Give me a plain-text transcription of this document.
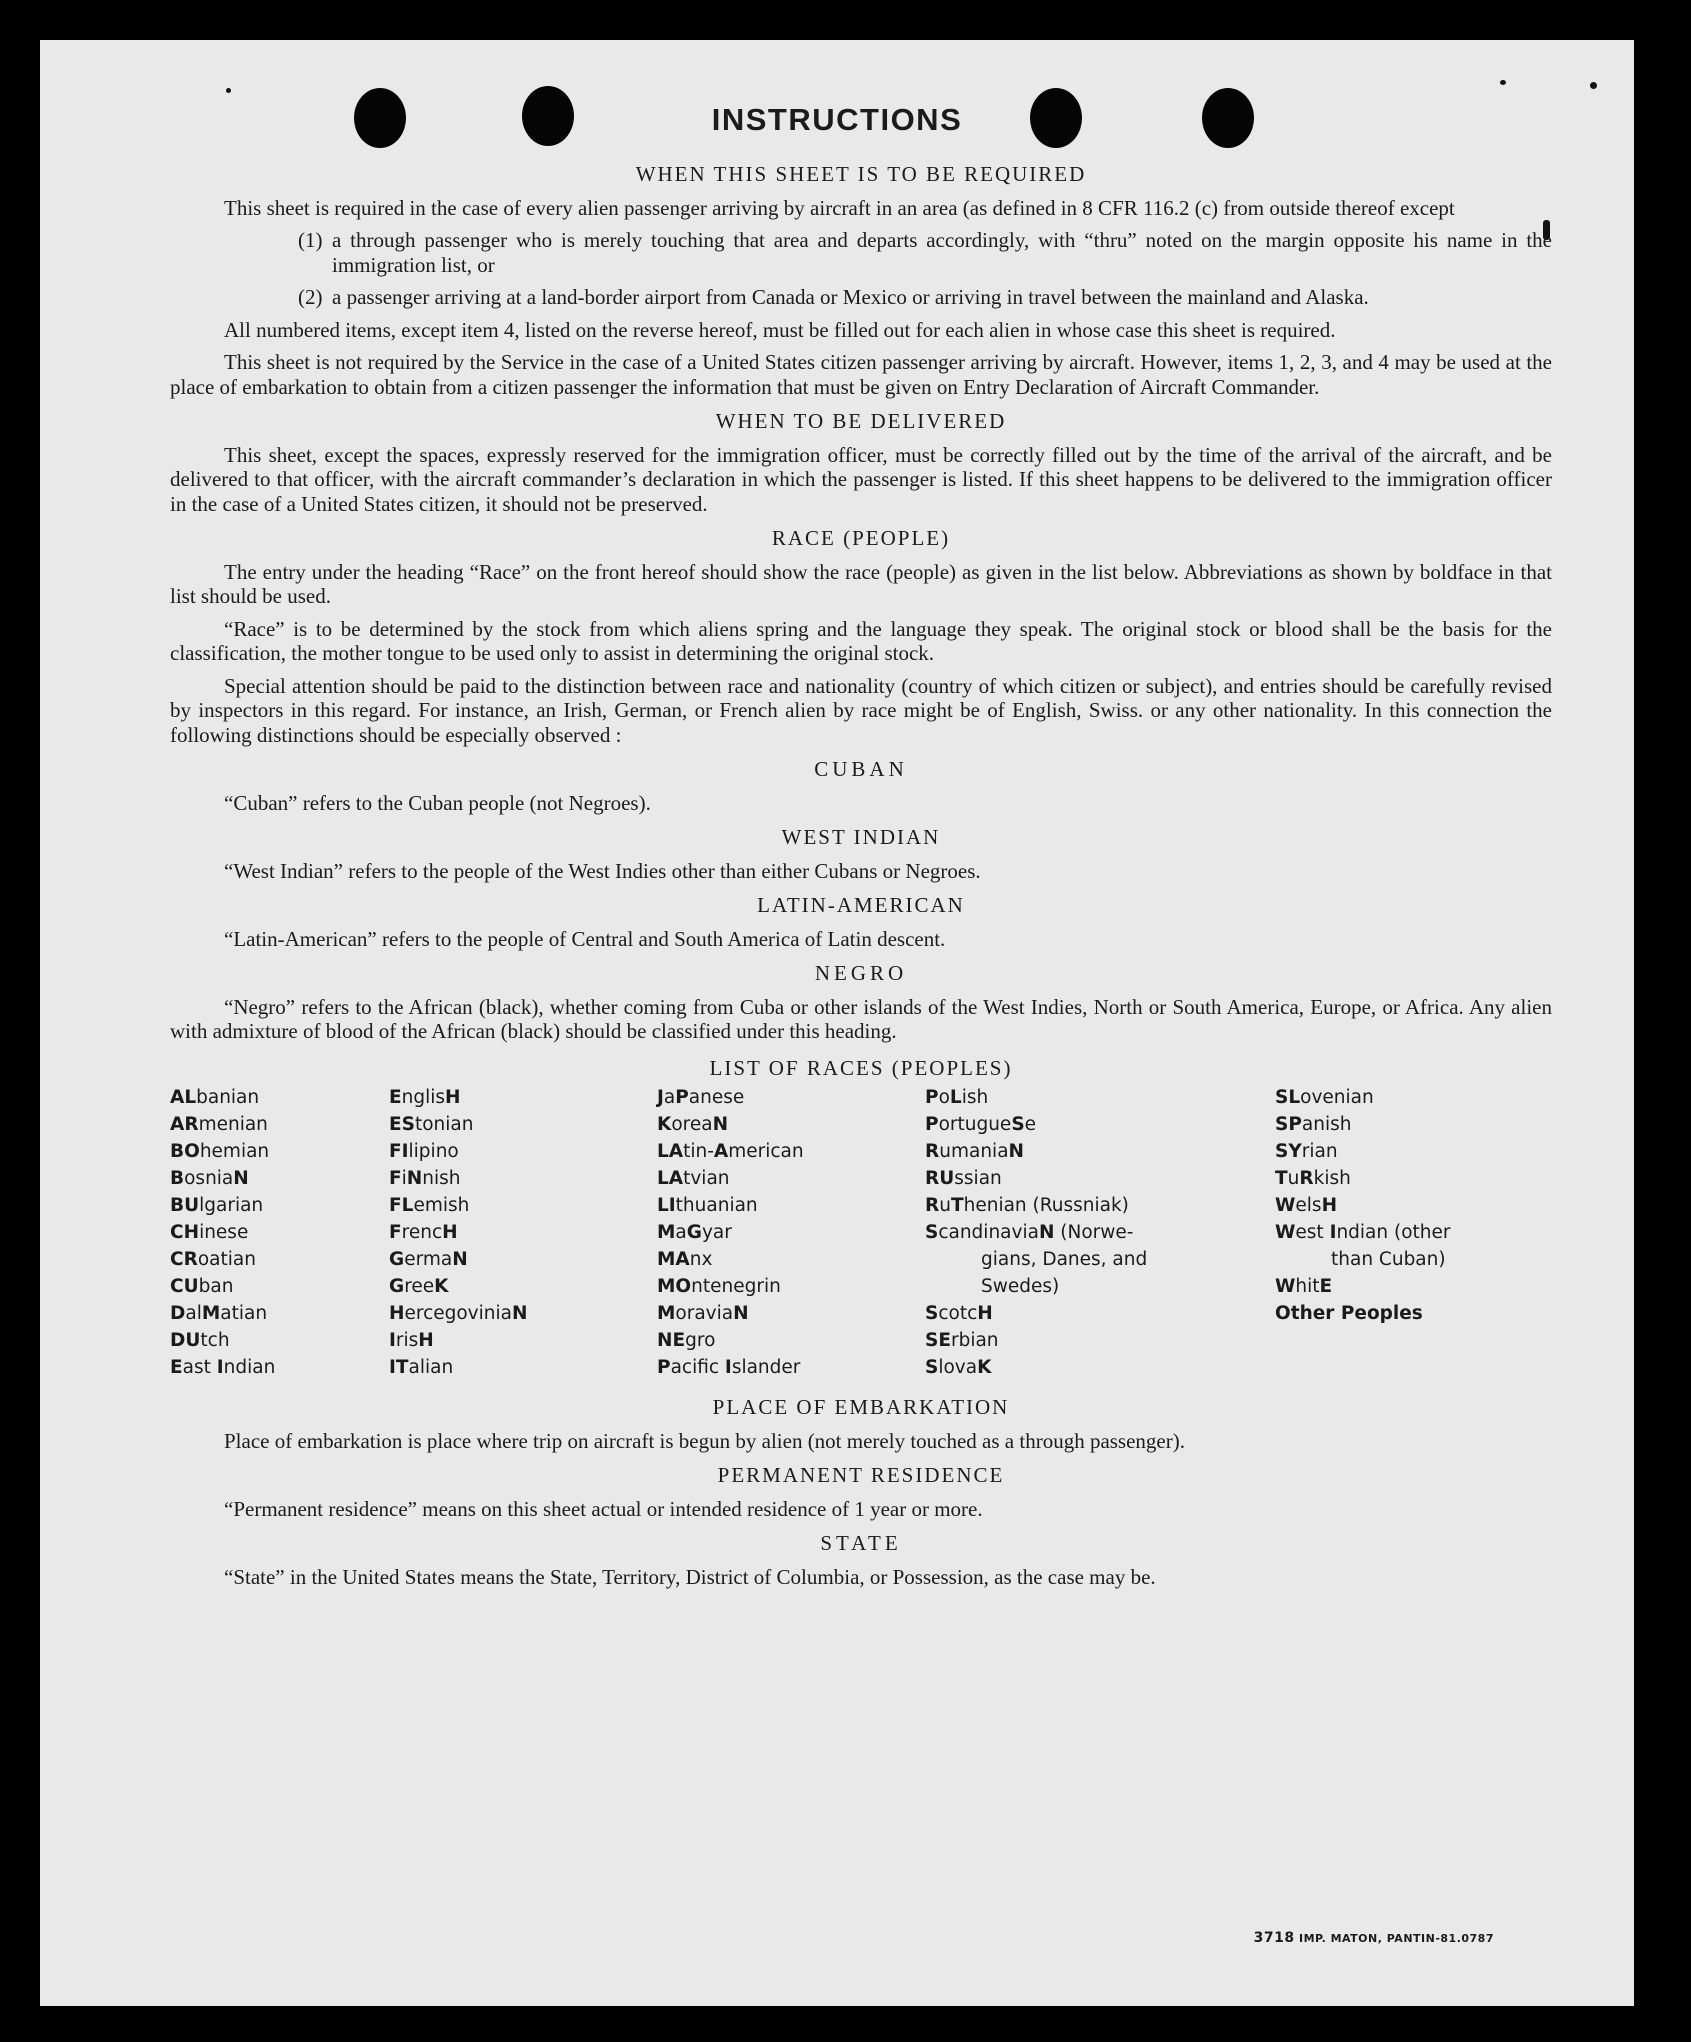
INSTRUCTIONS
WHEN THIS SHEET IS TO BE REQUIRED

This sheet is required in the case of every alien passenger arriving by aircraft in an area (as defined in 8 CFR 116.2 (c) from outside thereof except

(1) a through passenger who is merely touching that area and departs accordingly, with “thru” noted on the margin opposite his name in the immigration list, or
(2) a passenger arriving at a land-border airport from Canada or Mexico or arriving in travel between the mainland and Alaska.

All numbered items, except item 4, listed on the reverse hereof, must be filled out for each alien in whose case this sheet is required.

This sheet is not required by the Service in the case of a United States citizen passenger arriving by aircraft. However, items 1, 2, 3, and 4 may be used at the place of embarkation to obtain from a citizen passenger the information that must be given on Entry Declaration of Aircraft Commander.

WHEN TO BE DELIVERED

This sheet, except the spaces, expressly reserved for the immigration officer, must be correctly filled out by the time of the arrival of the aircraft, and be delivered to that officer, with the aircraft commander’s declaration in which the passenger is listed. If this sheet happens to be delivered to the immigration officer in the case of a United States citizen, it should not be preserved.

RACE (PEOPLE)

The entry under the heading “Race” on the front hereof should show the race (people) as given in the list below. Abbreviations as shown by boldface in that list should be used.

“Race” is to be determined by the stock from which aliens spring and the language they speak. The original stock or blood shall be the basis for the classification, the mother tongue to be used only to assist in determining the original stock.

Special attention should be paid to the distinction between race and nationality (country of which citizen or subject), and entries should be carefully revised by inspectors in this regard. For instance, an Irish, German, or French alien by race might be of English, Swiss. or any other nationality. In this connection the following distinctions should be especially observed :

CUBAN

“Cuban” refers to the Cuban people (not Negroes).

WEST INDIAN

“West Indian” refers to the people of the West Indies other than either Cubans or Negroes.

LATIN-AMERICAN

“Latin-American” refers to the people of Central and South America of Latin descent.

NEGRO

“Negro” refers to the African (black), whether coming from Cuba or other islands of the West Indies, North or South America, Europe, or Africa. Any alien with admixture of blood of the African (black) should be classified under this heading.

LIST OF RACES (PEOPLES)
ALbanian
ARmenian
BOhemian
BosniaN
BUlgarian
CHinese
CRoatian
CUban
DalMatian
DUtch
East Indian
EnglisH
EStonian
FIlipino
FiNnish
FLemish
FrencH
GermaN
GreeK
HercegoviniaN
IrisH
ITalian
JaPanese
KoreaN
LAtin-American
LAtvian
LIthuanian
MaGyar
MAnx
MOntenegrin
MoraviaN
NEgro
Pacific Islander
PoLish
PortugueSe
RumaniaN
RUssian
RuThenian (Russniak)
ScandinaviaN (Norwe-
gians, Danes, and
Swedes)
ScotcH
SErbian
SlovaK
SLovenian
SPanish
SYrian
TuRkish
WelsH
West Indian (other
than Cuban)
WhitE
Other Peoples
PLACE OF EMBARKATION

Place of embarkation is place where trip on aircraft is begun by alien (not merely touched as a through passenger).

PERMANENT RESIDENCE

“Permanent residence” means on this sheet actual or intended residence of 1 year or more.

STATE

“State” in the United States means the State, Territory, District of Columbia, or Possession, as the case may be.

3718 IMP. MATON, PANTIN-81.0787
